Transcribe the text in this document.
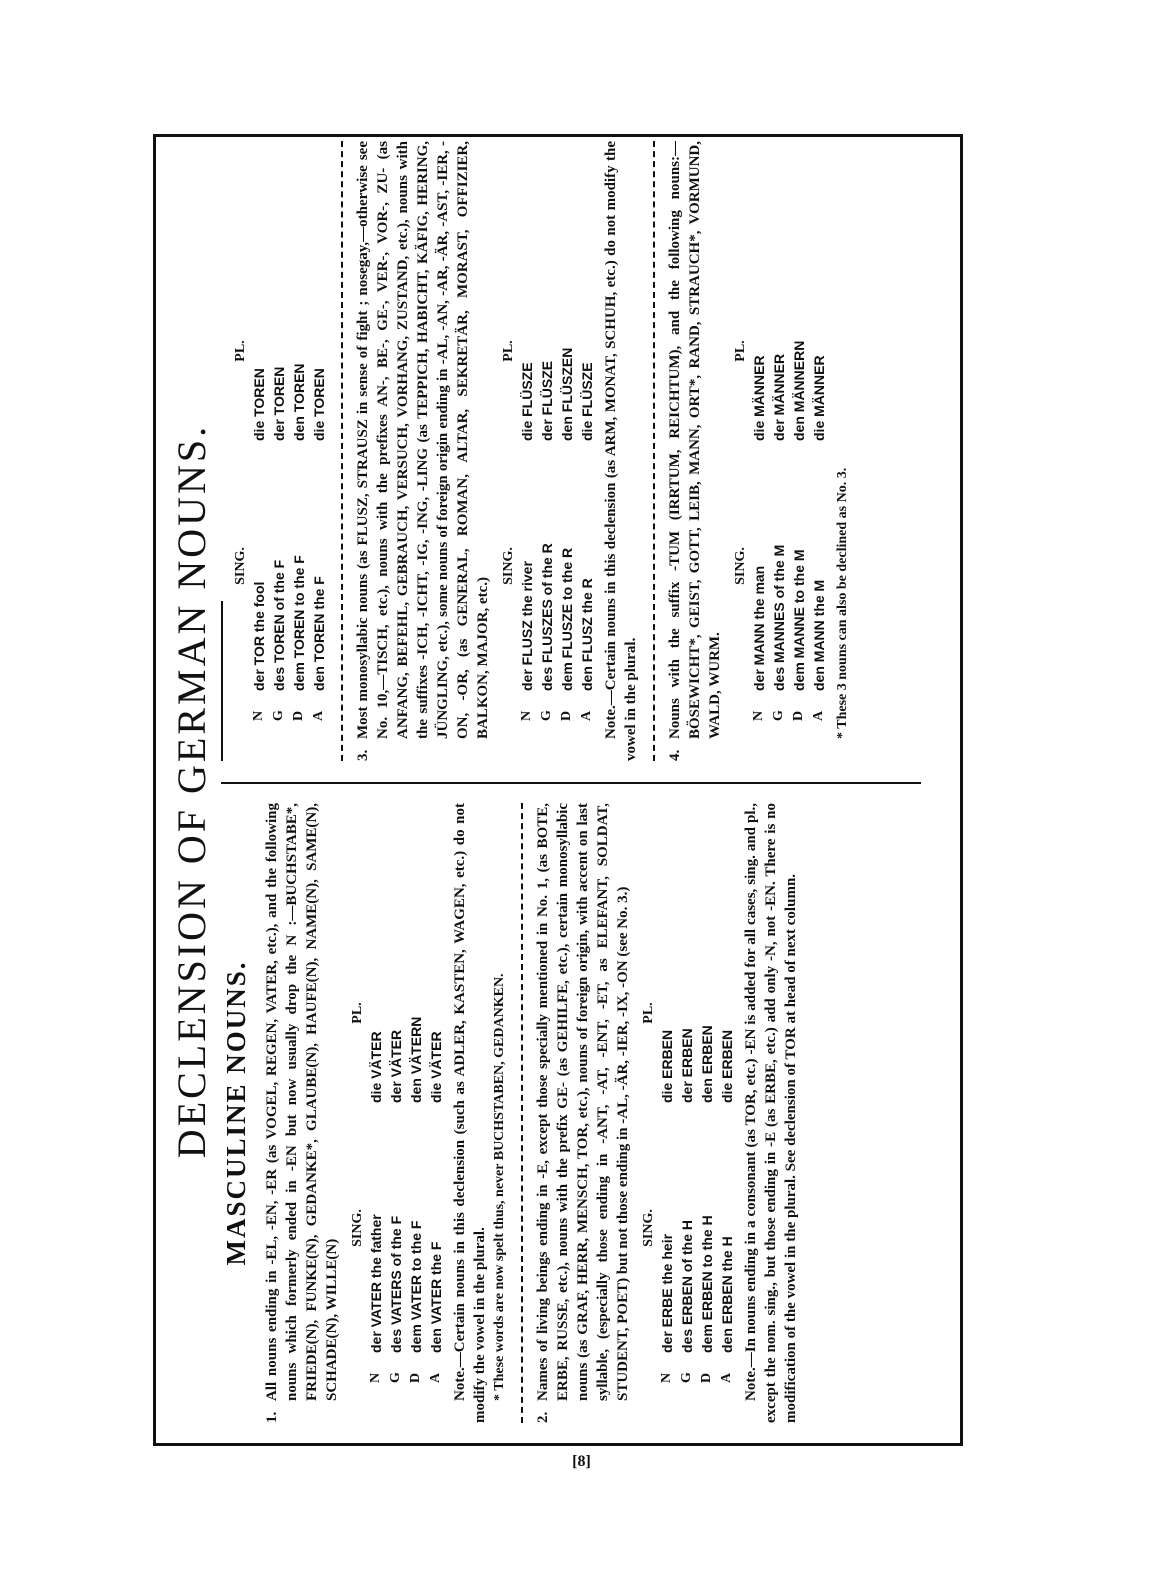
DECLENSION OF GERMAN NOUNS. MASCULINE NOUNS.

1.All nouns ending in -EL, -EN, -ER (as VOGEL, REGEN, VATER, etc.), and the following nouns which formerly ended in -EN but now usually drop the N :—BUCHSTABE*, FRIEDE(N), FUNKE(N), GEDANKE*, GLAUBE(N), HAUFE(N), NAME(N), SAME(N), SCHADE(N), WILLE(N)

SING.
PL.
N
der VATER the father
die VÄTER
G
des VATERS of the F
der VÄTER
D
dem VATER to the F
den VÄTERN
A
den VATER the F
die VÄTER Note.—Certain nouns in this declension (such as ADLER, KASTEN, WAGEN, etc.) do not modify the vowel in the plural. * These words are now spelt thus, never BUCHSTABEN, GEDANKEN.

2.Names of living beings ending in -E, except those specially mentioned in No. 1, (as BOTE, ERBE, RUSSE, etc.), nouns with the prefix GE- (as GEHILFE, etc.), certain monosyllabic nouns (as GRAF, HERR, MENSCH, TOR, etc.), nouns of foreign origin, with accent on last syllable, (especially those ending in -ANT, -AT, -ENT, -ET, as ELEFANT, SOLDAT, STUDENT, POET) but not those ending in -AL, -ÄR, -IER, -IX, -ON (see No. 3.) SING.
PL.
N
der ERBE the heir
die ERBEN
G
des ERBEN of the H
der ERBEN
D
dem ERBEN to the H
den ERBEN
A
den ERBEN the H
die ERBEN Note.—In nouns ending in a consonant (as TOR, etc.) -EN is added for all cases, sing. and pl., except the nom. sing., but those ending in -E (as ERBE, etc.) add only -N, not -EN. There is no modification of the vowel in the plural. See declension of TOR at head of next column.

SING.
PL.
N
der TOR the fool
die TOREN
G
des TOREN of the F
der TOREN
D
dem TOREN to the F
den TOREN
A
den TOREN the F
die TOREN

3.Most monosyllabic nouns (as FLUSZ, STRAUSZ in sense of fight ; nosegay,—otherwise see No. 10,—TISCH, etc.), nouns with the prefixes AN-, BE-, GE-, VER-, VOR-, ZU- (as ANFANG, BEFEHL, GEBRAUCH, VERSUCH, VORHANG, ZUSTAND, etc.), nouns with the suffixes -ICH, -ICHT, -IG, -ING, -LING (as TEPPICH, HABICHT, KÄFIG, HERING, JÜNGLING, etc.), some nouns of foreign origin ending in -AL, -AN, -AR, -ÄR, -AST, -IER, -ON, -OR, (as GENERAL, ROMAN, ALTAR, SEKRETÄR, MORAST, OFFIZIER, BALKON, MAJOR, etc.)

SING.
PL.
N
der FLUSZ the river
die FLÜSZE
G
des FLUSZES of the R
der FLÜSZE
D
dem FLUSZE to the R
den FLÜSZEN
A
den FLUSZ the R
die FLÜSZE Note.—Certain nouns in this declension (as ARM, MONAT, SCHUH, etc.) do not modify the vowel in the plural. 4.Nouns with the suffix -TUM (IRRTUM, REICHTUM), and the following nouns:—BÖSEWICHT*, GEIST, GOTT, LEIB, MANN, ORT*, RAND, STRAUCH*, VORMUND, WALD, WURM.

SING.
PL.
N
der MANN the man
die MÄNNER
G
des MANNES of the M
der MÄNNER
D
dem MANNE to the M
den MÄNNERN
A
den MANN the M
die MÄNNER

* These 3 nouns can also be declined as No. 3.

[8]
